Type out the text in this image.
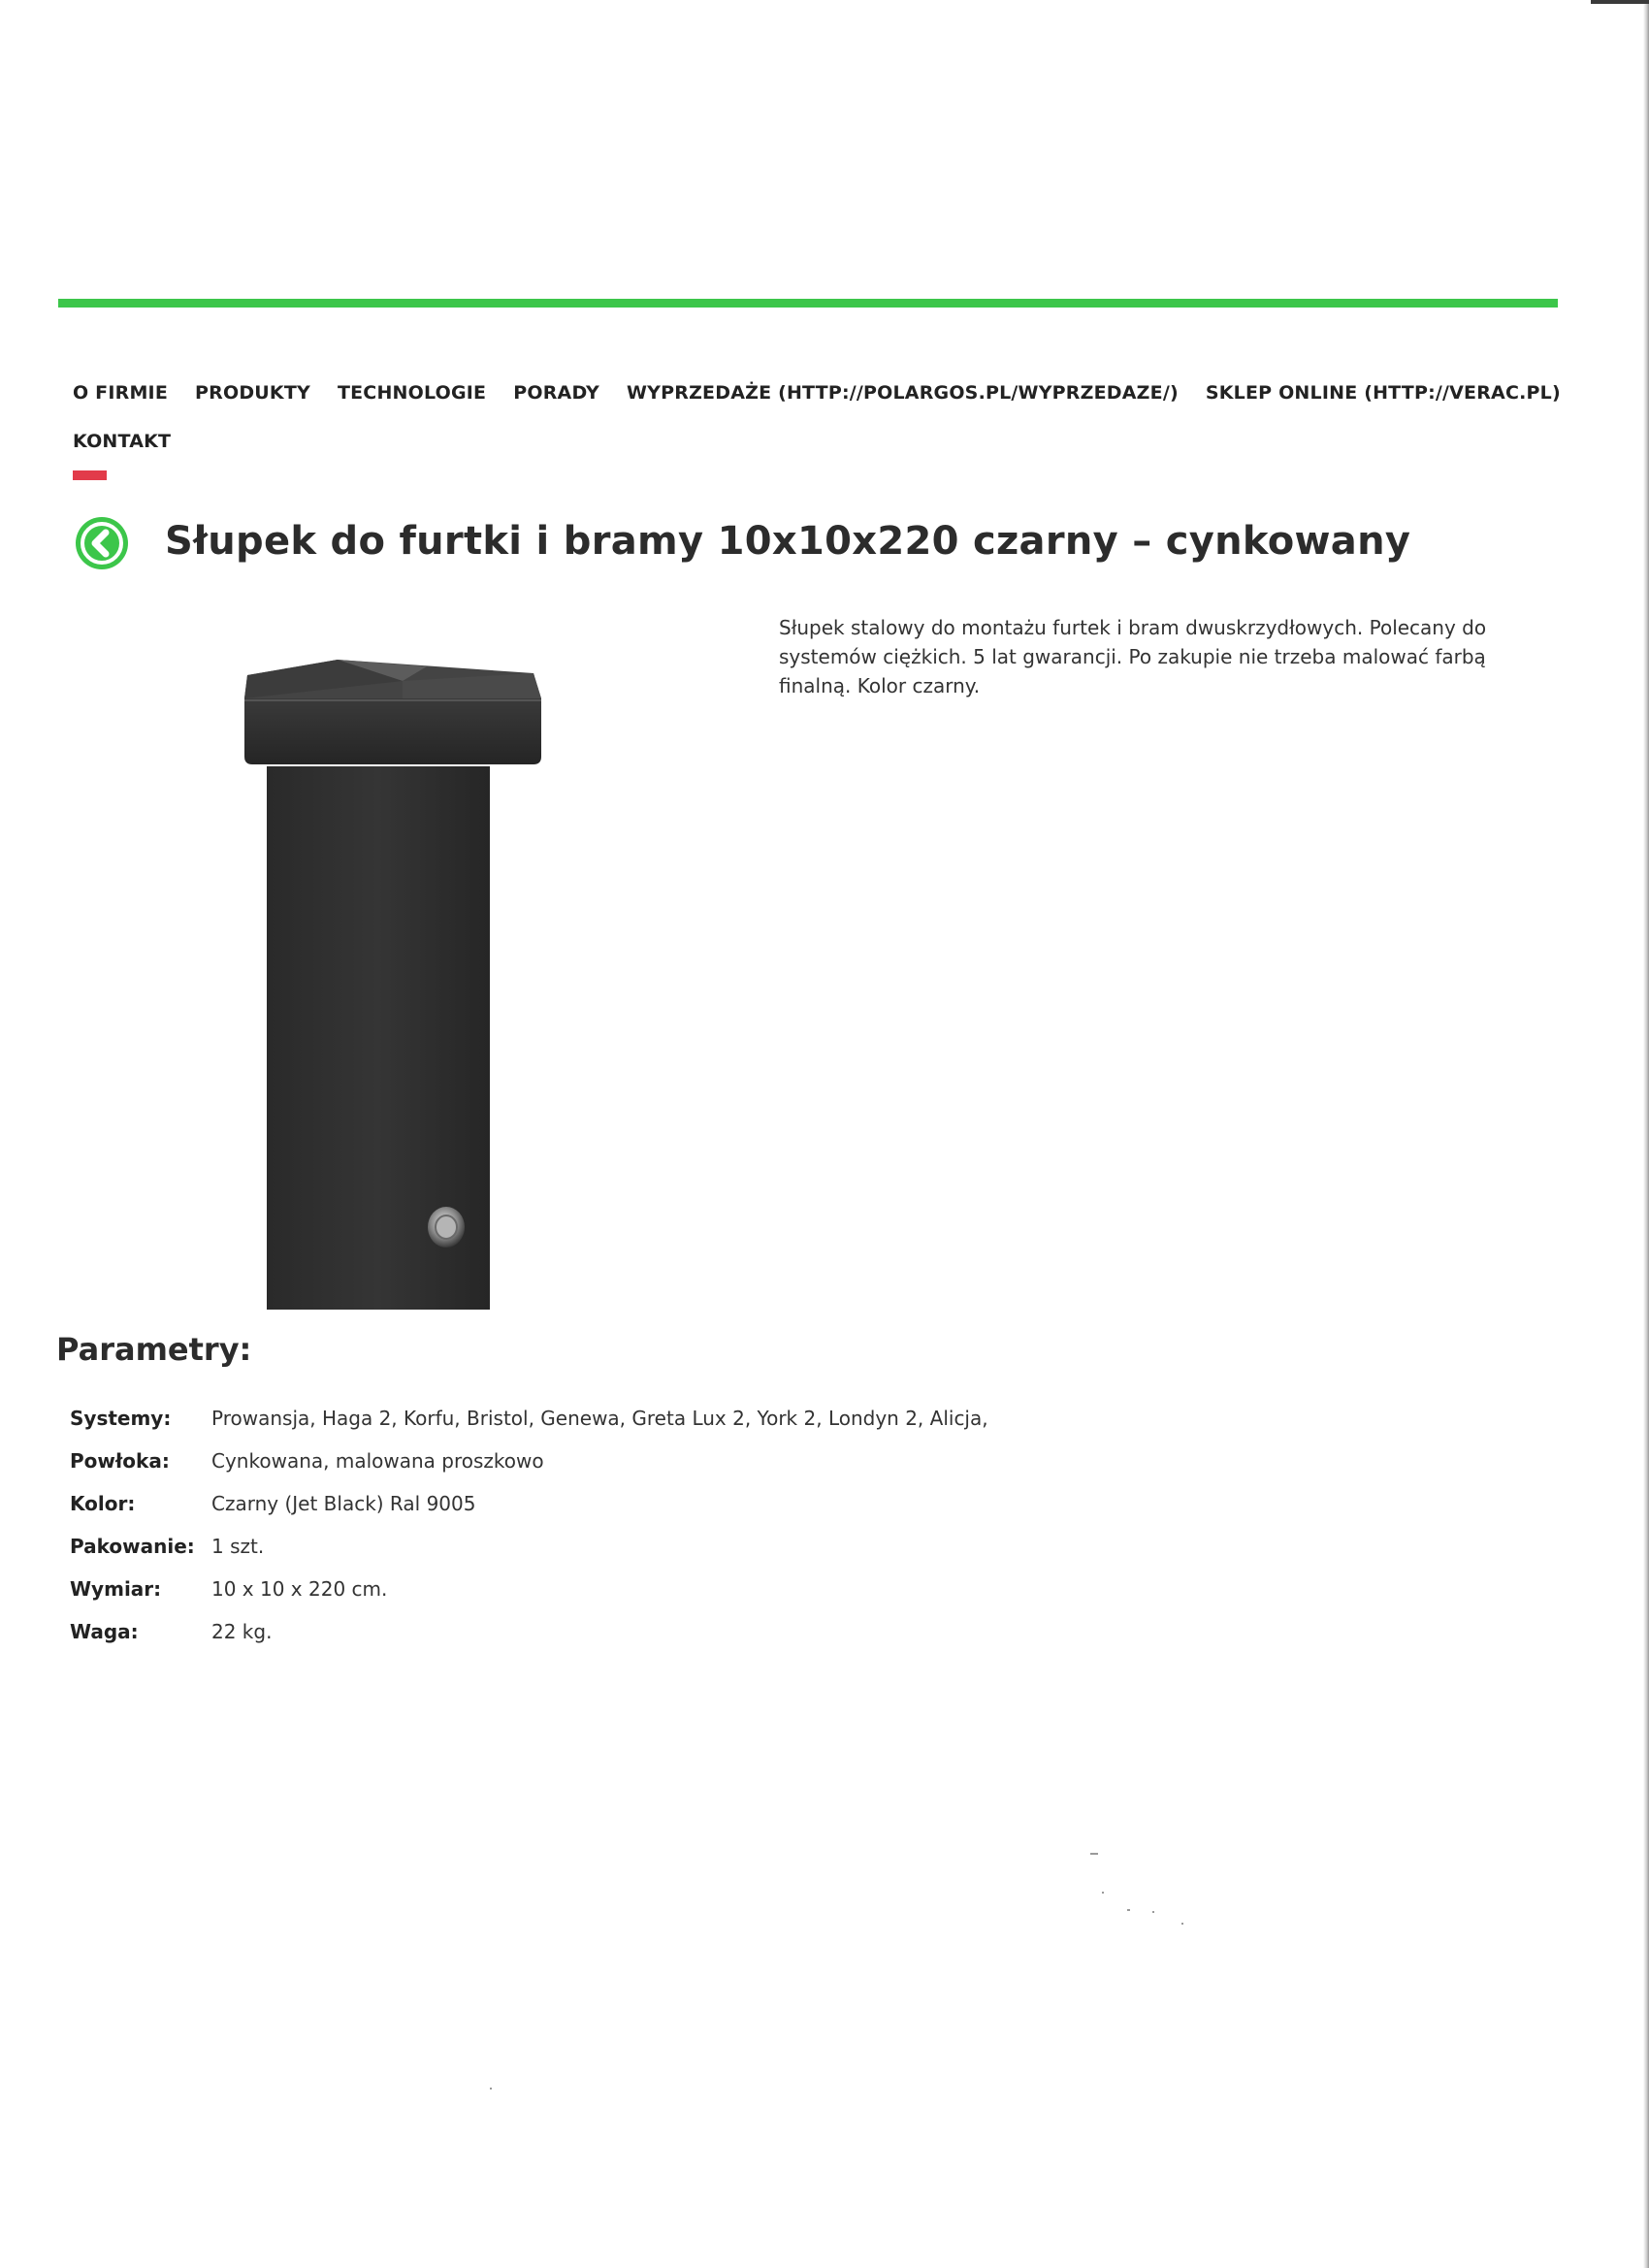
O FIRMIE PRODUKTY TECHNOLOGIE PORADY WYPRZEDAŻE (HTTP://POLARGOS.PL/WYPRZEDAZE/) SKLEP ONLINE (HTTP://VERAC.PL)
KONTAKT
Słupek do furtki i bramy 10x10x220 czarny – cynkowany

Słupek stalowy do montażu furtek i bram dwuskrzydłowych. Polecany do systemów ciężkich. 5 lat gwarancji. Po zakupie nie trzeba malować farbą finalną. Kolor czarny.

Parametry:
Systemy:	Prowansja, Haga 2, Korfu, Bristol, Genewa, Greta Lux 2, York 2, Londyn 2, Alicja,
Powłoka:	Cynkowana, malowana proszkowo
Kolor:	Czarny (Jet Black) Ral 9005
Pakowanie:	1 szt.
Wymiar:	10 x 10 x 220 cm.
Waga:	22 kg.
